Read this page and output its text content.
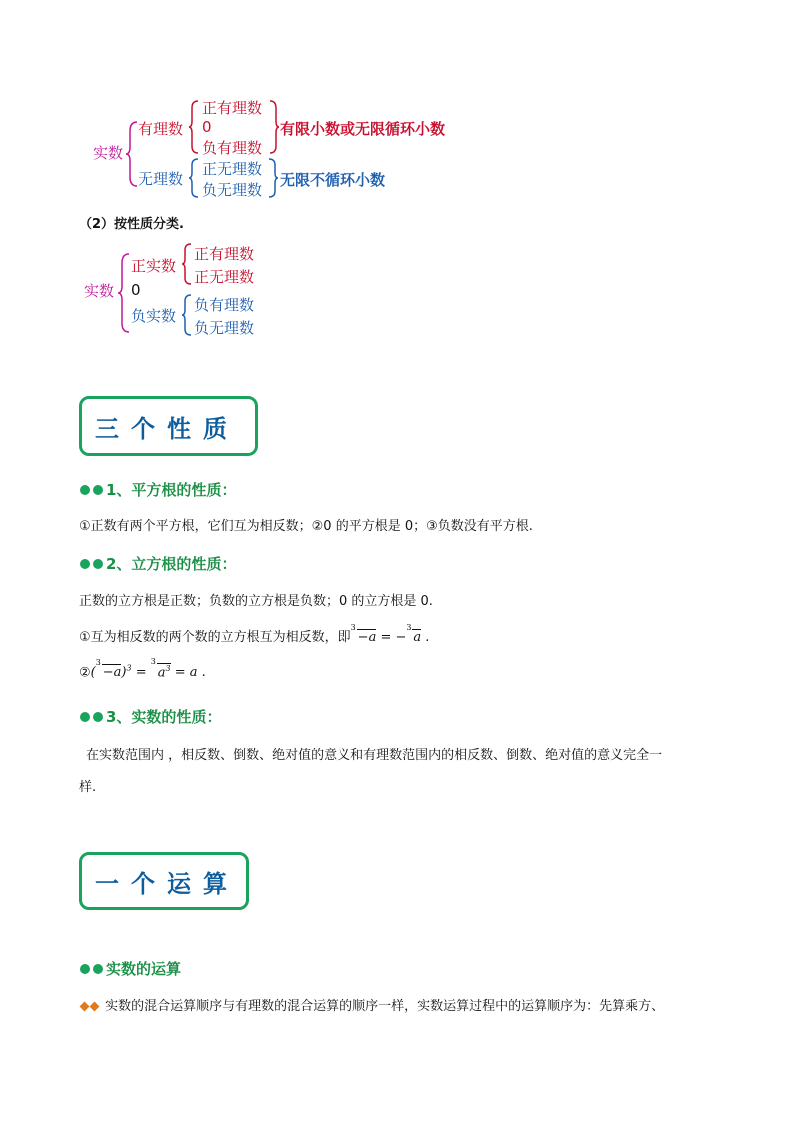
实数
有理数
正有理数
0
负有理数
有限小数或无限循环小数
无理数
正无理数
负无理数
无限不循环小数
（2）按性质分类.
实数
正实数
正有理数
正无理数
0
负实数
负有理数
负无理数
三个性质
1、平方根的性质：
①正数有两个平方根，它们互为相反数；②0 的平方根是 0；③负数没有平方根.
2、立方根的性质：
正数的立方根是正数；负数的立方根是负数；0 的立方根是 0.
①互为相反数的两个数的立方根互为相反数，即
3
−a = −
3
a .
②(
3
−a)$^3$ =
3
$a^3 = a$ .
3、实数的性质：
在实数范围内 ，相反数、倒数、绝对值的意义和有理数范围内的相反数、倒数、绝对值的意义完全一
样.
一个运算
实数的运算
实数的混合运算顺序与有理数的混合运算的顺序一样，实数运算过程中的运算顺序为：先算乘方、
